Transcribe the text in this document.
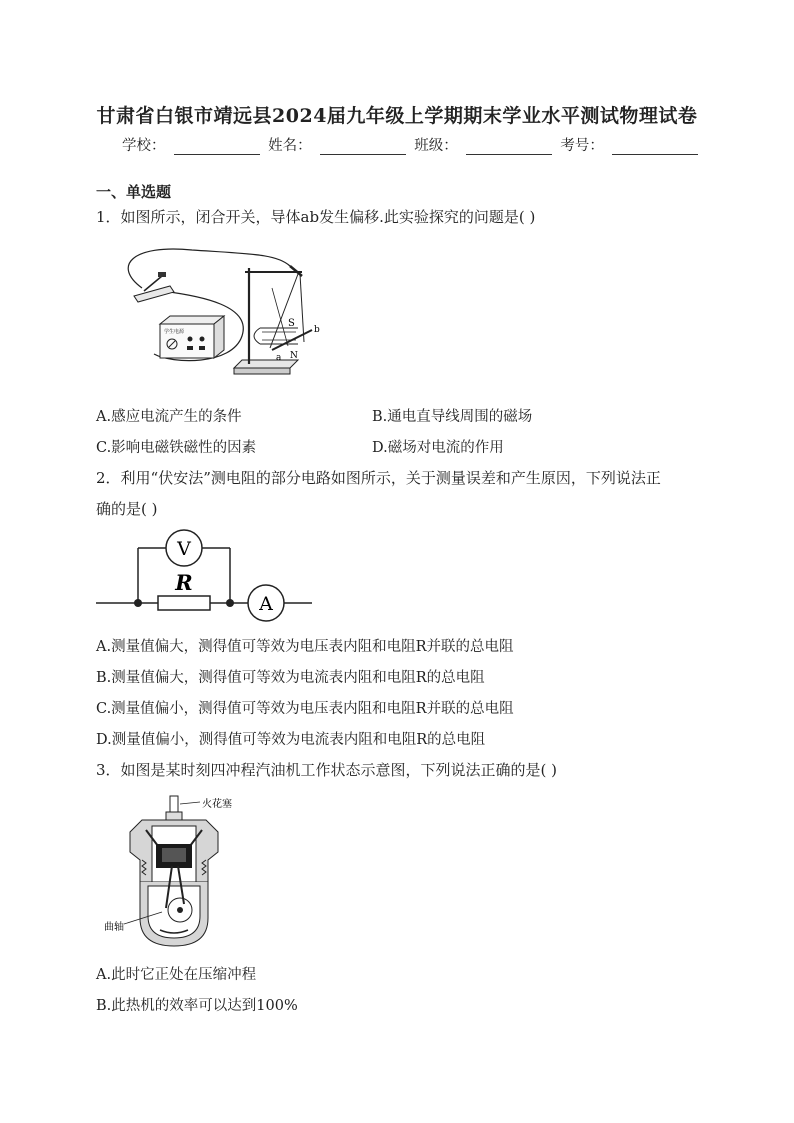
甘肃省白银市靖远县2024届九年级上学期期末学业水平测试物理试卷
学校：	姓名：	班级：	考号：
一、单选题
1．如图所示，闭合开关，导体ab发生偏移.此实验探究的问题是( )
学生电源
S
N
a
b
A.感应电流产生的条件	B.通电直导线周围的磁场
C.影响电磁铁磁性的因素	D.磁场对电流的作用
2．利用“伏安法”测电阻的部分电路如图所示，关于测量误差和产生原因，下列说法正
确的是( )
V
R
A
A.测量值偏大，测得值可等效为电压表内阻和电阻R并联的总电阻
B.测量值偏大，测得值可等效为电流表内阻和电阻R的总电阻
C.测量值偏小，测得值可等效为电压表内阻和电阻R并联的总电阻
D.测量值偏小，测得值可等效为电流表内阻和电阻R的总电阻
3．如图是某时刻四冲程汽油机工作状态示意图，下列说法正确的是( )
火花塞
曲轴
A.此时它正处在压缩冲程
B.此热机的效率可以达到100%
